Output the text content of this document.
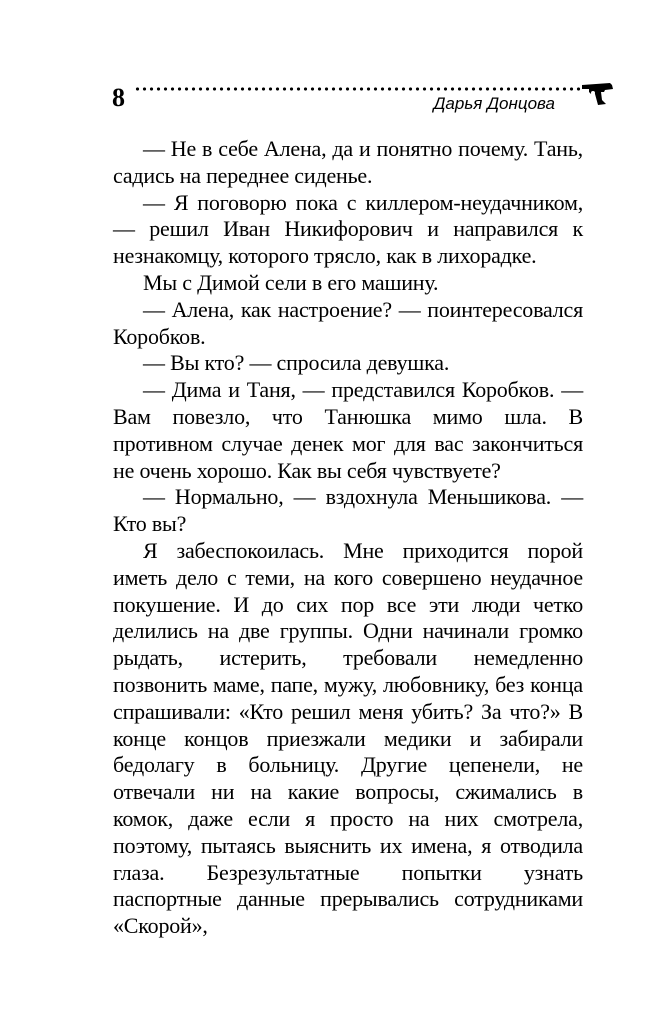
8	Дарья Донцова

— Не в себе Алена, да и понятно почему. Тань, садись на переднее сиденье.

— Я поговорю пока с киллером-неудачником, — решил Иван Никифорович и направился к незнакомцу, которого трясло, как в лихорадке.

Мы с Димой сели в его машину.

— Алена, как настроение? — поинтересовался Коробков.

— Вы кто? — спросила девушка.

— Дима и Таня, — представился Коробков. — Вам повезло, что Танюшка мимо шла. В противном случае денек мог для вас закончиться не очень хорошо. Как вы себя чувствуете?

— Нормально, — вздохнула Меньшикова. — Кто вы?

Я забеспокоилась. Мне приходится порой иметь дело с теми, на кого совершено неудачное покушение. И до сих пор все эти люди четко делились на две группы. Одни начинали громко рыдать, истерить, требовали немедленно позвонить маме, папе, мужу, любовнику, без конца спрашивали: «Кто решил меня убить? За что?» В конце концов приезжали медики и забирали бедолагу в больницу. Другие цепенели, не отвечали ни на какие вопросы, сжимались в комок, даже если я просто на них смотрела, поэтому, пытаясь выяснить их имена, я отводила глаза. Безрезультатные попытки узнать паспортные данные прерывались сотрудниками «Скорой»,
